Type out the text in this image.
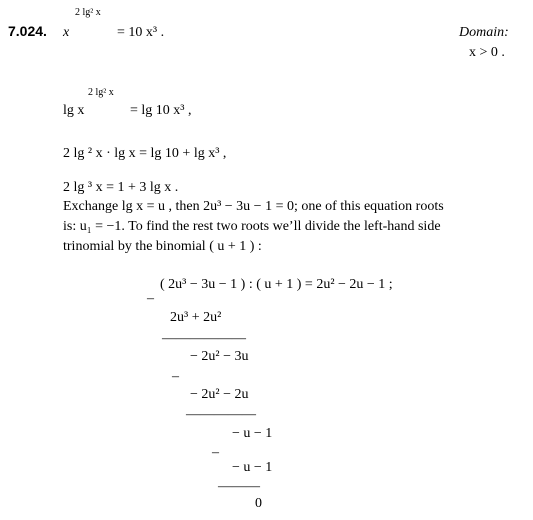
7.024.
2 lg² x
x	= 10 x³ .	Domain:
x > 0 .
2 lg² x
lg x	= lg 10 x³ ,
2 lg ² x · lg x = lg 10 + lg x³ ,
2 lg ³ x = 1 + 3 lg x .
Exchange lg x = u , then 2u³ − 3u − 1 = 0; one of this equation roots
is: u₁ = −1. To find the rest two roots we’ll divide the left-hand side
trinomial by the binomial ( u + 1 ) :
( 2u³ − 3u − 1 ) : ( u + 1 ) = 2u² − 2u − 1 ;
–
2u³ + 2u²
——————
− 2u² − 3u
–
− 2u² − 2u
—————
− u − 1
–
− u − 1
———
0
